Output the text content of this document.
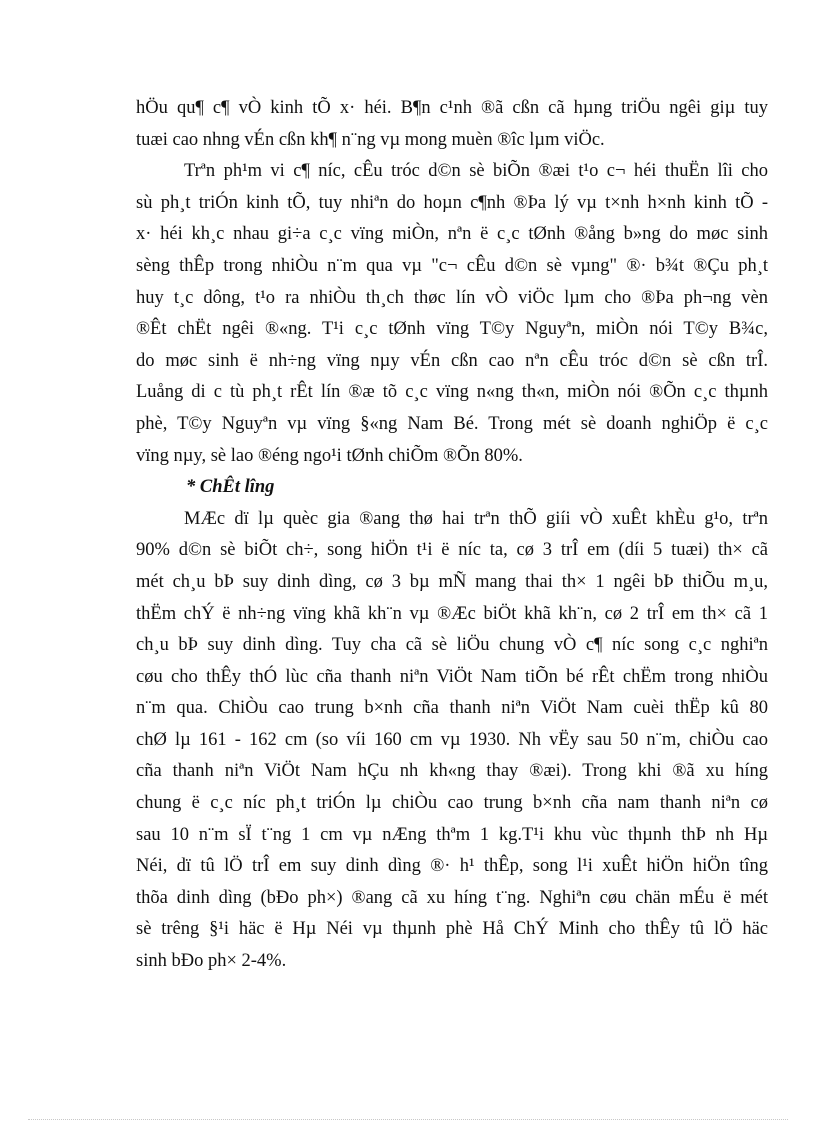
hÖu qu¶ c¶ vÒ kinh tÕ x· héi. B¶n c¹nh ®ã cßn cã hµng triÖu ngêi giµ tuy
tuæi cao nhng vÉn cßn kh¶ n¨ng vµ mong muèn ®îc lµm viÖc.
Trªn ph¹m vi c¶ níc, cÊu tróc d©n sè biÕn ®æi t¹o c¬ héi thuËn lîi cho
sù ph¸t triÓn kinh tÕ, tuy nhiªn do hoµn c¶nh ®Þa lý vµ t×nh h×nh kinh tÕ -
x· héi kh¸c nhau gi÷a c¸c vïng miÒn, nªn ë c¸c tØnh ®ång b»ng do møc sinh
sèng thÊp trong nhiÒu n¨m qua vµ "c¬ cÊu d©n sè vµng" ®· b¾t ®Çu ph¸t
huy t¸c dông, t¹o ra nhiÒu th¸ch thøc lín vÒ viÖc lµm cho ®Þa ph¬ng vèn
®Êt chËt ngêi ®«ng. T¹i c¸c tØnh vïng T©y Nguyªn, miÒn nói T©y B¾c,
do møc sinh ë nh÷ng vïng nµy vÉn cßn cao nªn cÊu tróc d©n sè cßn trÎ.
Luång di c tù ph¸t rÊt lín ®æ tõ c¸c vïng n«ng th«n, miÒn nói ®Õn c¸c thµnh
phè, T©y Nguyªn vµ vïng §«ng Nam Bé. Trong mét sè doanh nghiÖp ë c¸c
vïng nµy, sè lao ®éng ngo¹i tØnh chiÕm ®Õn 80%.
* ChÊt lîng
MÆc dï lµ quèc gia ®ang thø hai trªn thÕ giíi vÒ xuÊt khÈu g¹o, trªn
90% d©n sè biÕt ch÷, song hiÖn t¹i ë níc ta, cø 3 trÎ em (díi 5 tuæi) th× cã
mét ch¸u bÞ suy dinh dìng, cø 3 bµ mÑ mang thai th× 1 ngêi bÞ thiÕu m¸u,
thËm chÝ ë nh÷ng vïng khã kh¨n vµ ®Æc biÖt khã kh¨n, cø 2 trÎ em th× cã 1
ch¸u bÞ suy dinh dìng. Tuy cha cã sè liÖu chung vÒ c¶ níc song c¸c nghiªn
cøu cho thÊy thÓ lùc cña thanh niªn ViÖt Nam tiÕn bé rÊt chËm trong nhiÒu
n¨m qua. ChiÒu cao trung b×nh cña thanh niªn ViÖt Nam cuèi thËp kû 80
chØ lµ 161 - 162 cm (so víi 160 cm vµ 1930. Nh vËy sau 50 n¨m, chiÒu cao
cña thanh niªn ViÖt Nam hÇu nh kh«ng thay ®æi). Trong khi ®ã xu híng
chung ë c¸c níc ph¸t triÓn lµ chiÒu cao trung b×nh cña nam thanh niªn cø
sau 10 n¨m sÏ t¨ng 1 cm vµ nÆng thªm 1 kg.T¹i khu vùc thµnh thÞ nh Hµ
Néi, dï tû lÖ trÎ em suy dinh dìng ®· h¹ thÊp, song l¹i xuÊt hiÖn hiÖn tîng
thõa dinh dìng (bÐo ph×) ®ang cã xu híng t¨ng. Nghiªn cøu chän mÉu ë mét
sè trêng §¹i häc ë Hµ Néi vµ thµnh phè Hå ChÝ Minh cho thÊy tû lÖ häc
sinh bÐo ph× 2-4%.
